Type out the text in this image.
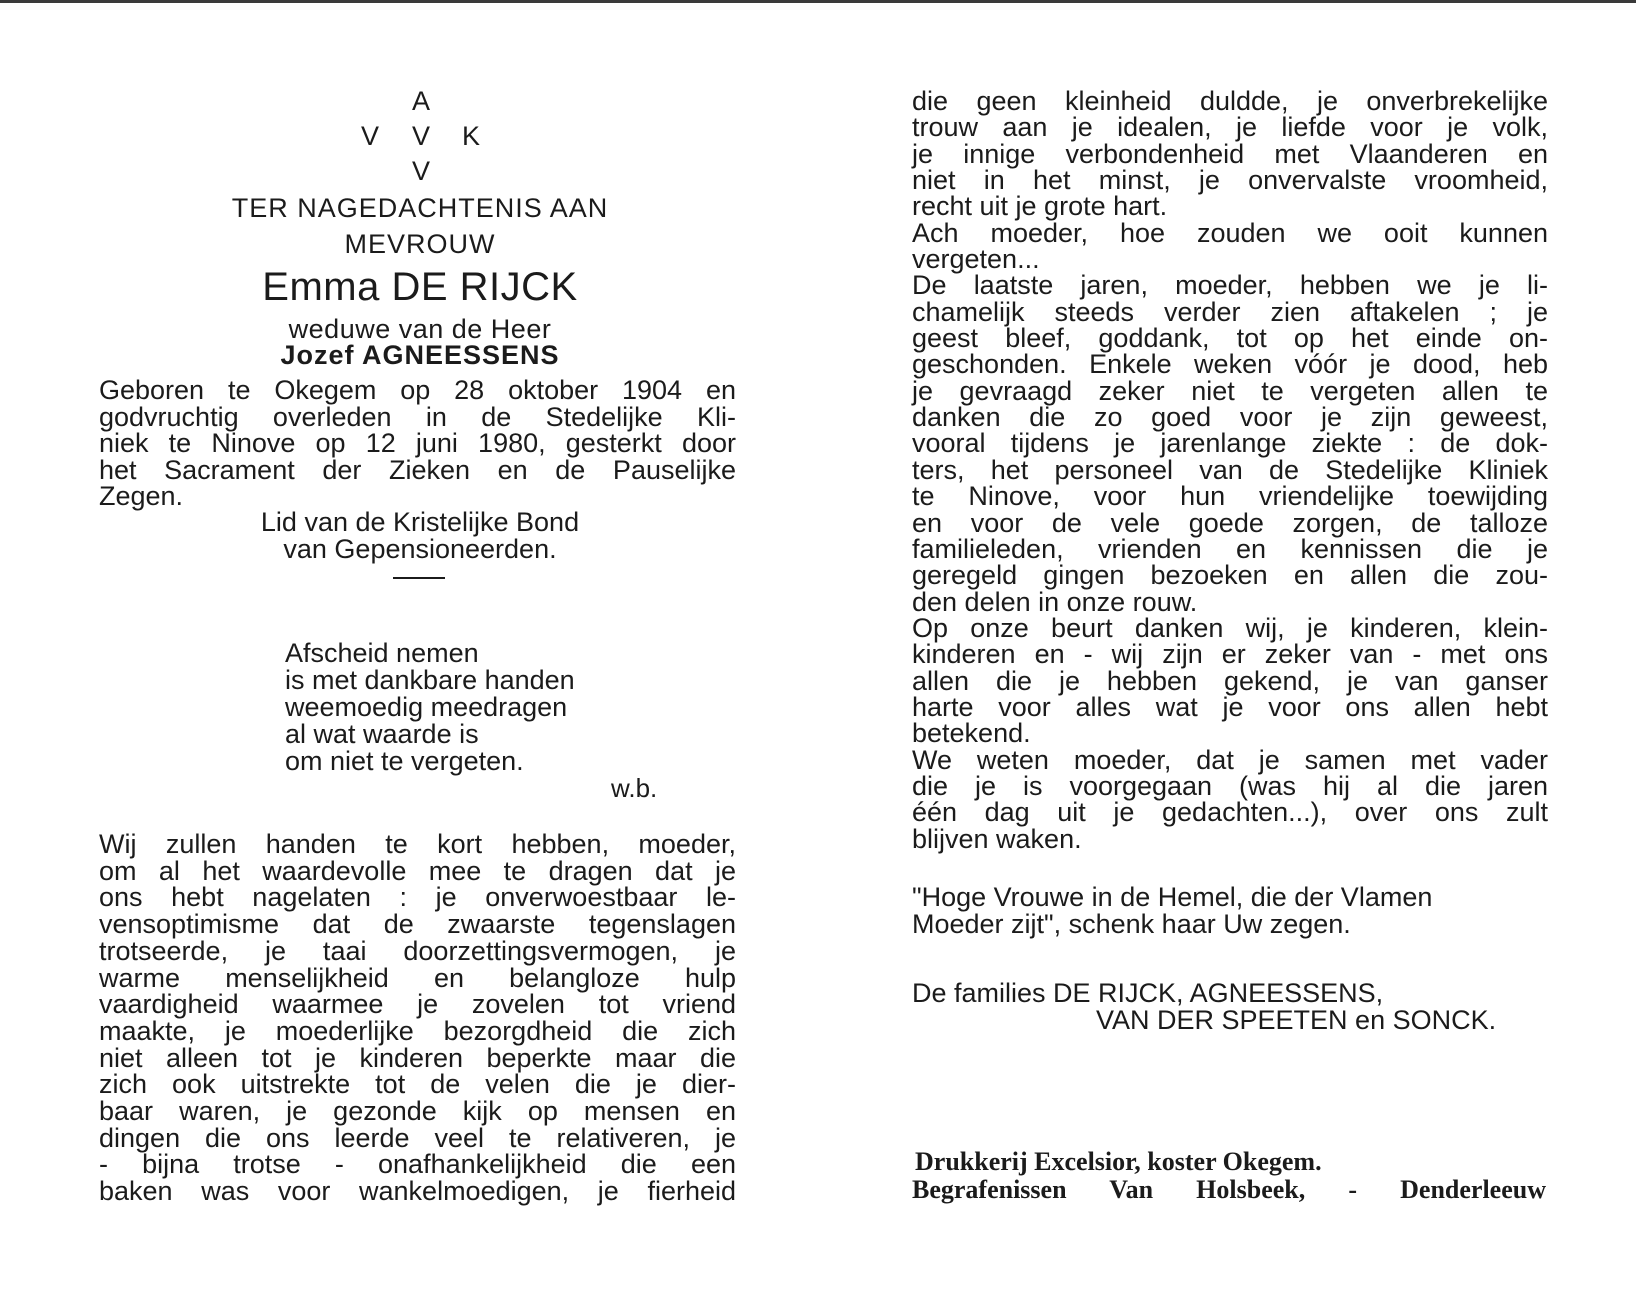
A
V	V	K
V
TER NAGEDACHTENIS AAN
MEVROUW
Emma DE RIJCK
weduwe van de Heer
Jozef AGNEESSENS
Geboren te Okegem op 28 oktober 1904 en
godvruchtig overleden in de Stedelijke Kli-
niek te Ninove op 12 juni 1980, gesterkt door
het Sacrament der Zieken en de Pauselijke
Zegen.
Lid van de Kristelijke Bond
van Gepensioneerden.
Afscheid nemen
is met dankbare handen
weemoedig meedragen
al wat waarde is
om niet te vergeten.
w.b.
Wij zullen handen te kort hebben, moeder,
om al het waardevolle mee te dragen dat je
ons hebt nagelaten : je onverwoestbaar le-
vensoptimisme dat de zwaarste tegenslagen
trotseerde, je taai doorzettingsvermogen, je
warme menselijkheid en belangloze hulp
vaardigheid waarmee je zovelen tot vriend
maakte, je moederlijke bezorgdheid die zich
niet alleen tot je kinderen beperkte maar die
zich ook uitstrekte tot de velen die je dier-
baar waren, je gezonde kijk op mensen en
dingen die ons leerde veel te relativeren, je
- bijna trotse - onafhankelijkheid die een
baken was voor wankelmoedigen, je fierheid
die geen kleinheid duldde, je onverbrekelijke
trouw aan je idealen, je liefde voor je volk,
je innige verbondenheid met Vlaanderen en
niet in het minst, je onvervalste vroomheid,
recht uit je grote hart.
Ach moeder, hoe zouden we ooit kunnen
vergeten...
De laatste jaren, moeder, hebben we je li-
chamelijk steeds verder zien aftakelen ; je
geest bleef, goddank, tot op het einde on-
geschonden. Enkele weken vóór je dood, heb
je gevraagd zeker niet te vergeten allen te
danken die zo goed voor je zijn geweest,
vooral tijdens je jarenlange ziekte : de dok-
ters, het personeel van de Stedelijke Kliniek
te Ninove, voor hun vriendelijke toewijding
en voor de vele goede zorgen, de talloze
familieleden, vrienden en kennissen die je
geregeld gingen bezoeken en allen die zou-
den delen in onze rouw.
Op onze beurt danken wij, je kinderen, klein-
kinderen en - wij zijn er zeker van - met ons
allen die je hebben gekend, je van ganser
harte voor alles wat je voor ons allen hebt
betekend.
We weten moeder, dat je samen met vader
die je is voorgegaan (was hij al die jaren
één dag uit je gedachten...), over ons zult
blijven waken.
"Hoge Vrouwe in de Hemel, die der Vlamen
Moeder zijt", schenk haar Uw zegen.
De families DE RIJCK, AGNEESSENS,
VAN DER SPEETEN en SONCK.
Drukkerij Excelsior, koster Okegem.
Begrafenissen Van Holsbeek, - Denderleeuw
